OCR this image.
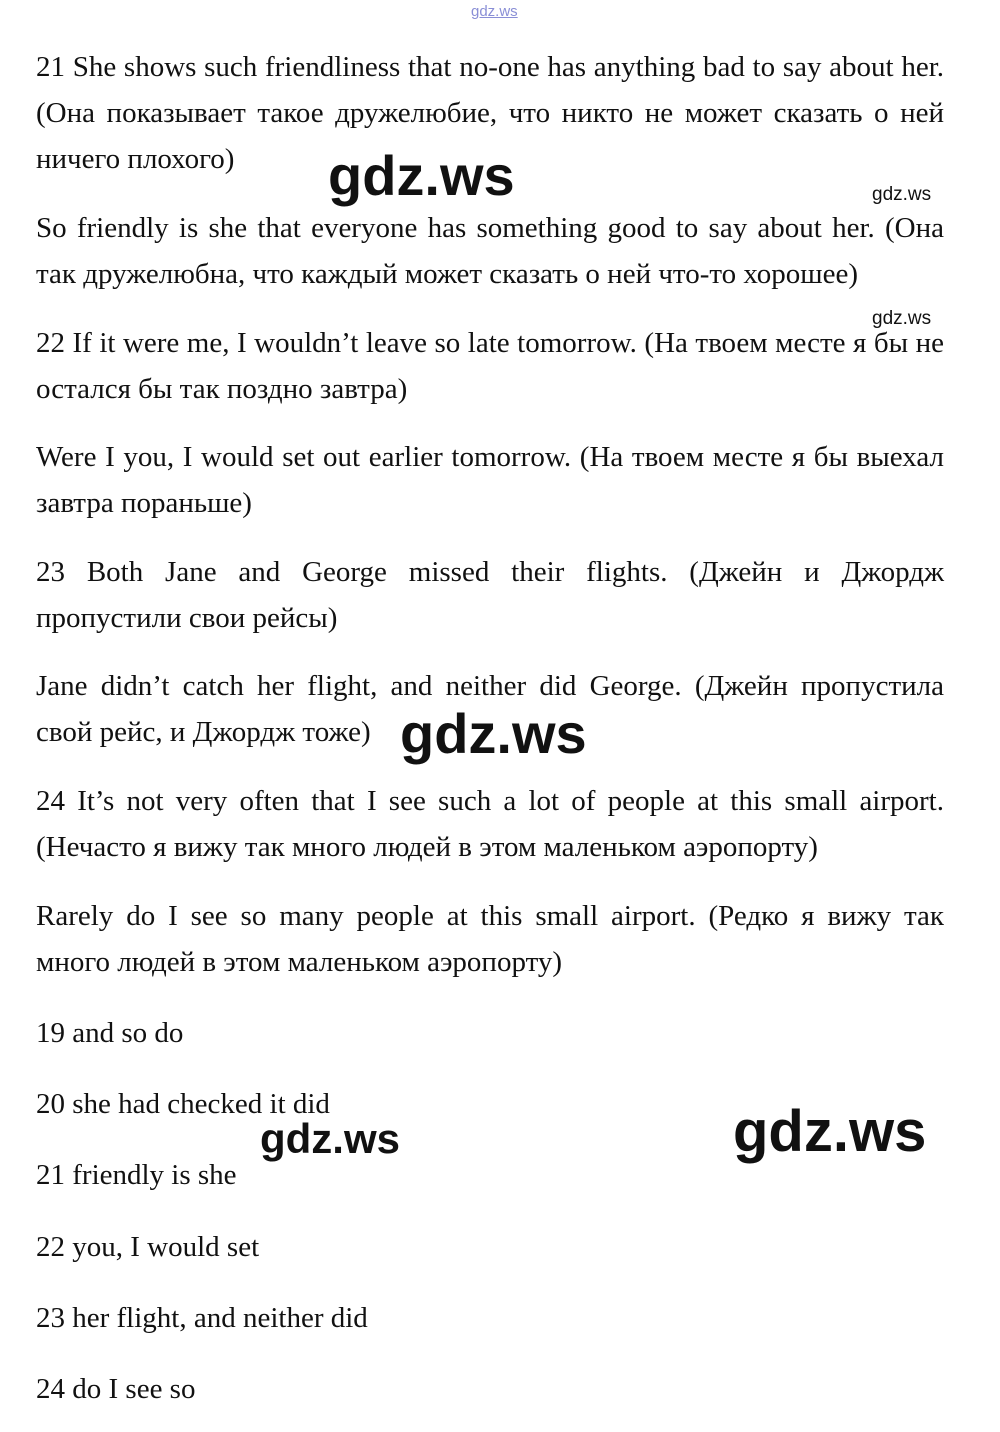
gdz.ws

21 She shows such friendliness that no-one has anything bad to say about her. (Она показывает такое дружелюбие, что никто не может сказать о ней ничего плохого)

So friendly is she that everyone has something good to say about her. (Она так дружелюбна, что каждый может сказать о ней что-то хорошее)

22 If it were me, I wouldn’t leave so late tomorrow. (На твоем месте я бы не остался бы так поздно завтра)

Were I you, I would set out earlier tomorrow. (На твоем месте я бы выехал завтра пораньше)

23 Both Jane and George missed their flights. (Джейн и Джордж пропустили свои рейсы)

Jane didn’t catch her flight, and neither did George. (Джейн пропустила свой рейс, и Джордж тоже)

24 It’s not very often that I see such a lot of people at this small airport. (Нечасто я вижу так много людей в этом маленьком аэропорту)

Rarely do I see so many people at this small airport. (Редко я вижу так много людей в этом маленьком аэропорту)

19 and so do

20 she had checked it did

21 friendly is she

22 you, I would set

23 her flight, and neither did

24 do I see so

gdz.ws	gdz.ws
gdz.ws
gdz.ws
gdz.ws	gdz.ws
